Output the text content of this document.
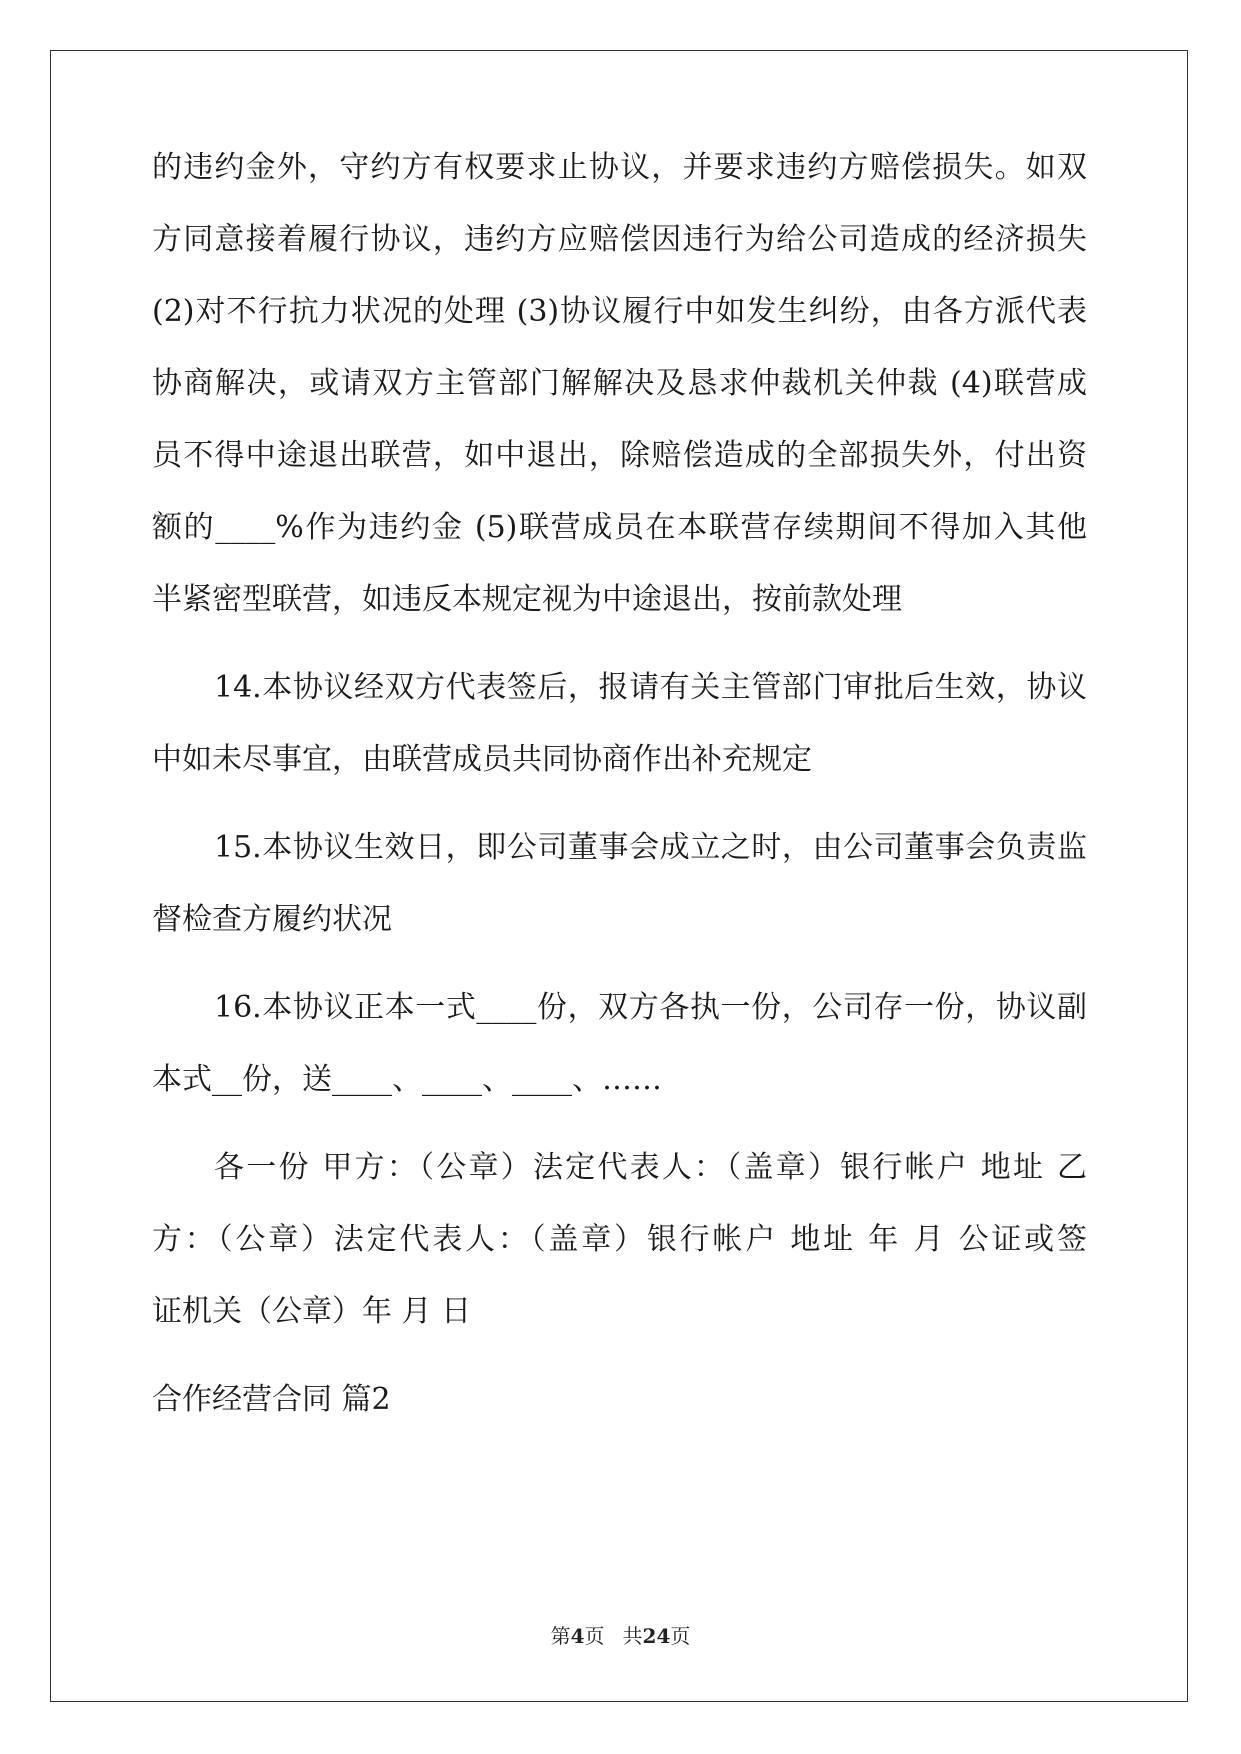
的违约金外，守约方有权要求止协议，并要求违约方赔偿损失。如双
方同意接着履行协议，违约方应赔偿因违行为给公司造成的经济损失
(2)对不行抗力状况的处理 (3)协议履行中如发生纠纷，由各方派代表
协商解决，或请双方主管部门解解决及恳求仲裁机关仲裁 (4)联营成
员不得中途退出联营，如中退出，除赔偿造成的全部损失外，付出资
额的____%作为违约金 (5)联营成员在本联营存续期间不得加入其他
半紧密型联营，如违反本规定视为中途退出，按前款处理
14.本协议经双方代表签后，报请有关主管部门审批后生效，协议
中如未尽事宜，由联营成员共同协商作出补充规定
15.本协议生效日，即公司董事会成立之时，由公司董事会负责监
督检查方履约状况
16.本协议正本一式____份，双方各执一份，公司存一份，协议副
本式__份，送____、____、____、……
各一份 甲方：（公章）法定代表人：（盖章）银行帐户 地址 乙
方：（公章）法定代表人：（盖章）银行帐户 地址 年 月 公证或签
证机关（公章）年 月 日
合作经营合同 篇2
第4页 共24页
